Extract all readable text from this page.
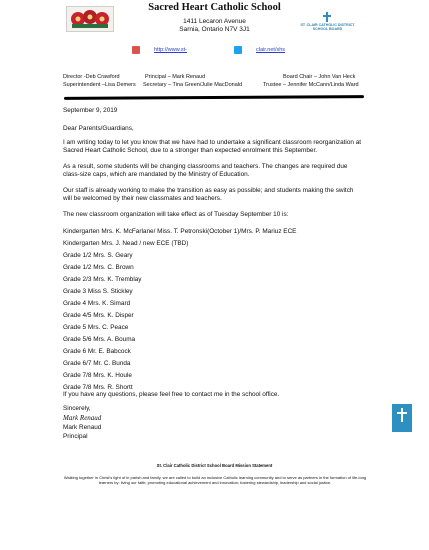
Sacred Heart Catholic School
1411 Lecaron Avenue
Sarnia, Ontario N7V 3J1
ST. CLAIR CATHOLIC DISTRICT SCHOOL BOARD
http://www.st-	clair.net/shs
Director -Deb Crawford	Principal – Mark Renaud	Board Chair – John Van Heck
Superintendent –Lisa Demers Secretary – Tina Green/Julie MacDonald	Trustee – Jennifer McCann/Linda Ward
September 9, 2019
Dear Parents/Guardians,
I am writing today to let you know that we have had to undertake a significant classroom reorganization at Sacred Heart Catholic School, due to a stronger than expected enrolment this September.
As a result, some students will be changing classrooms and teachers. The changes are required due class-size caps, which are mandated by the Ministry of Education.
Our staff is already working to make the transition as easy as possible; and students making the switch will be welcomed by their new classmates and teachers.
The new classroom organization will take effect as of Tuesday September 10 is:
Kindergarten Mrs. K. McFarlane/ Miss. T. Petronski(October 1)/Mrs. P. Mariuz ECE
Kindergarten Mrs. J. Nead / new ECE (TBD)
Grade 1/2 Mrs. S. Geary
Grade 1/2 Mrs. C. Brown
Grade 2/3 Mrs. K. Tremblay
Grade 3 Miss S. Stickley
Grade 4 Mrs. K. Simard
Grade 4/5 Mrs. K. Disper
Grade 5 Mrs. C. Peace
Grade 5/6 Mrs. A. Bouma
Grade 6 Mr. E. Babcock
Grade 6/7 Mr. C. Bunda
Grade 7/8 Mrs. K. Houle
Grade 7/8 Mrs. R. Shortt
If you have any questions, please feel free to contact me in the school office.
Sincerely,
Mark Renaud
Mark Renaud
Principal
St. Clair Catholic District School Board Mission Statement
Walking together in Christ's light of in parish and family, we are called to build an inclusive Catholic learning community and to serve as partners in the formation of life-long learners by: living our faith; promoting educational achievement and innovation; fostering stewardship, leadership and social justice.
